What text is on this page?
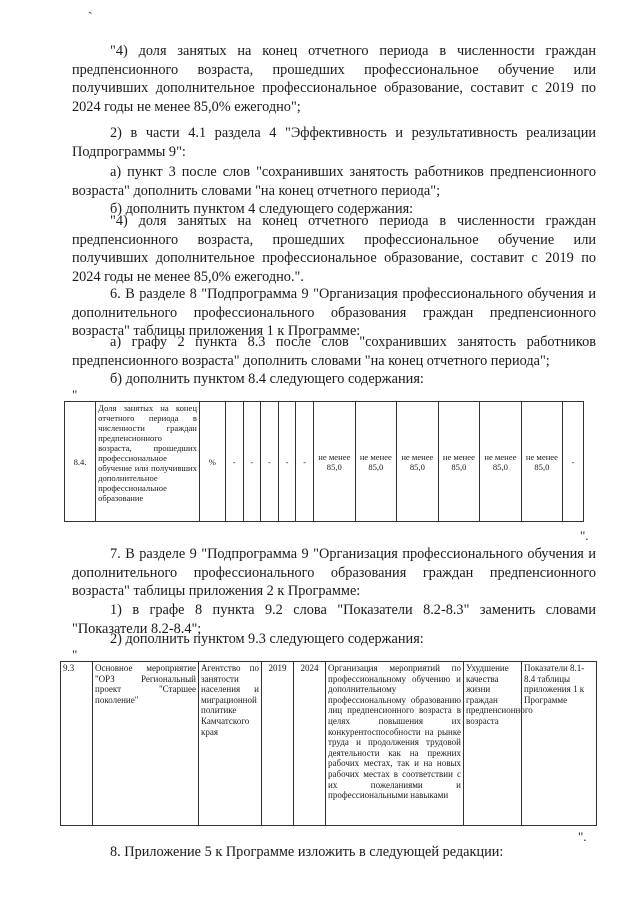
"4) доля занятых на конец отчетного периода в численности граждан предпенсионного возраста, прошедших профессиональное обучение или получивших дополнительное профессиональное образование, составит с 2019 по 2024 годы не менее 85,0% ежегодно";

2) в части 4.1 раздела 4 "Эффективность и результативность реализации Подпрограммы 9":

а) пункт 3 после слов "сохранивших занятость работников предпенсионного возраста" дополнить словами "на конец отчетного периода";

б) дополнить пунктом 4 следующего содержания:

"4) доля занятых на конец отчетного периода в численности граждан предпенсионного возраста, прошедших профессиональное обучение или получивших дополнительное профессиональное образование, составит с 2019 по 2024 годы не менее 85,0% ежегодно.".

6. В разделе 8 "Подпрограмма 9 "Организация профессионального обучения и дополнительного профессионального образования граждан предпенсионного возраста" таблицы приложения 1 к Программе:

а) графу 2 пункта 8.3 после слов "сохранивших занятость работников предпенсионного возраста" дополнить словами "на конец отчетного периода";

б) дополнить пунктом 8.4 следующего содержания:

"
8.4.	Доля занятых на конец отчетного периода в численности граждан предпенсионного возраста, прошедших профессиональное обучение или получивших дополнительное профессиональное образование	%	-	-	-	-	-	не менее 85,0	не менее 85,0	не менее 85,0	не менее 85,0	не менее 85,0	не менее 85,0	-
".

7. В разделе 9 "Подпрограмма 9 "Организация профессионального обучения и дополнительного профессионального образования граждан предпенсионного возраста" таблицы приложения 2 к Программе:

1) в графе 8 пункта 9.2 слова "Показатели 8.2-8.3" заменить словами "Показатели 8.2-8.4";

2) дополнить пунктом 9.3 следующего содержания:

"
9.3	Основное мероприятие "ОРЗ Региональный проект "Старшее поколение"	Агентство по занятости населения и миграционной политике Камчатского края	2019	2024	Организация мероприятий по профессиональному обучению и дополнительному профессиональному образованию лиц предпенсионного возраста в целях повышения их конкурентоспособности на рынке труда и продолжения трудовой деятельности как на прежних рабочих местах, так и на новых рабочих местах в соответствии с их пожеланиями и профессиональными навыками	Ухудшение качества жизни граждан предпенсионного возраста	Показатели 8.1-8.4 таблицы приложения 1 к Программе
".

8. Приложение 5 к Программе изложить в следующей редакции:
